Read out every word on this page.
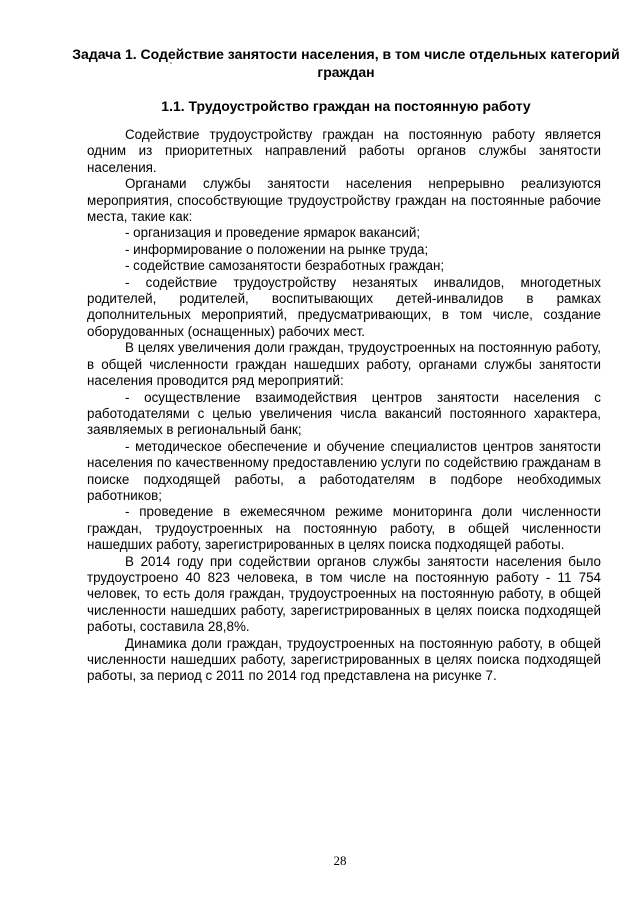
Задача 1. Содействие занятости населения, в том числе отдельных категорий граждан
1.1. Трудоустройство граждан на постоянную работу

Содействие трудоустройству граждан на постоянную работу является одним из приоритетных направлений работы органов службы занятости населения.

Органами службы занятости населения непрерывно реализуются мероприятия, способствующие трудоустройству граждан на постоянные рабочие места, такие как:

- организация и проведение ярмарок вакансий;

- информирование о положении на рынке труда;

- содействие самозанятости безработных граждан;

- содействие трудоустройству незанятых инвалидов, многодетных родителей, родителей, воспитывающих детей-инвалидов в рамках дополнительных мероприятий, предусматривающих, в том числе, создание оборудованных (оснащенных) рабочих мест.

В целях увеличения доли граждан, трудоустроенных на постоянную работу, в общей численности граждан нашедших работу, органами службы занятости населения проводится ряд мероприятий:

- осуществление взаимодействия центров занятости населения с работодателями с целью увеличения числа вакансий постоянного характера, заявляемых в региональный банк;

- методическое обеспечение и обучение специалистов центров занятости населения по качественному предоставлению услуги по содействию гражданам в поиске подходящей работы, а работодателям в подборе необходимых работников;

- проведение в ежемесячном режиме мониторинга доли численности граждан, трудоустроенных на постоянную работу, в общей численности нашедших работу, зарегистрированных в целях поиска подходящей работы.

В 2014 году при содействии органов службы занятости населения было трудоустроено 40 823 человека, в том числе на постоянную работу - 11 754 человек, то есть доля граждан, трудоустроенных на постоянную работу, в общей численности нашедших работу, зарегистрированных в целях поиска подходящей работы, составила 28,8%.

Динамика доли граждан, трудоустроенных на постоянную работу, в общей численности нашедших работу, зарегистрированных в целях поиска подходящей работы, за период с 2011 по 2014 год представлена на рисунке 7.

28
